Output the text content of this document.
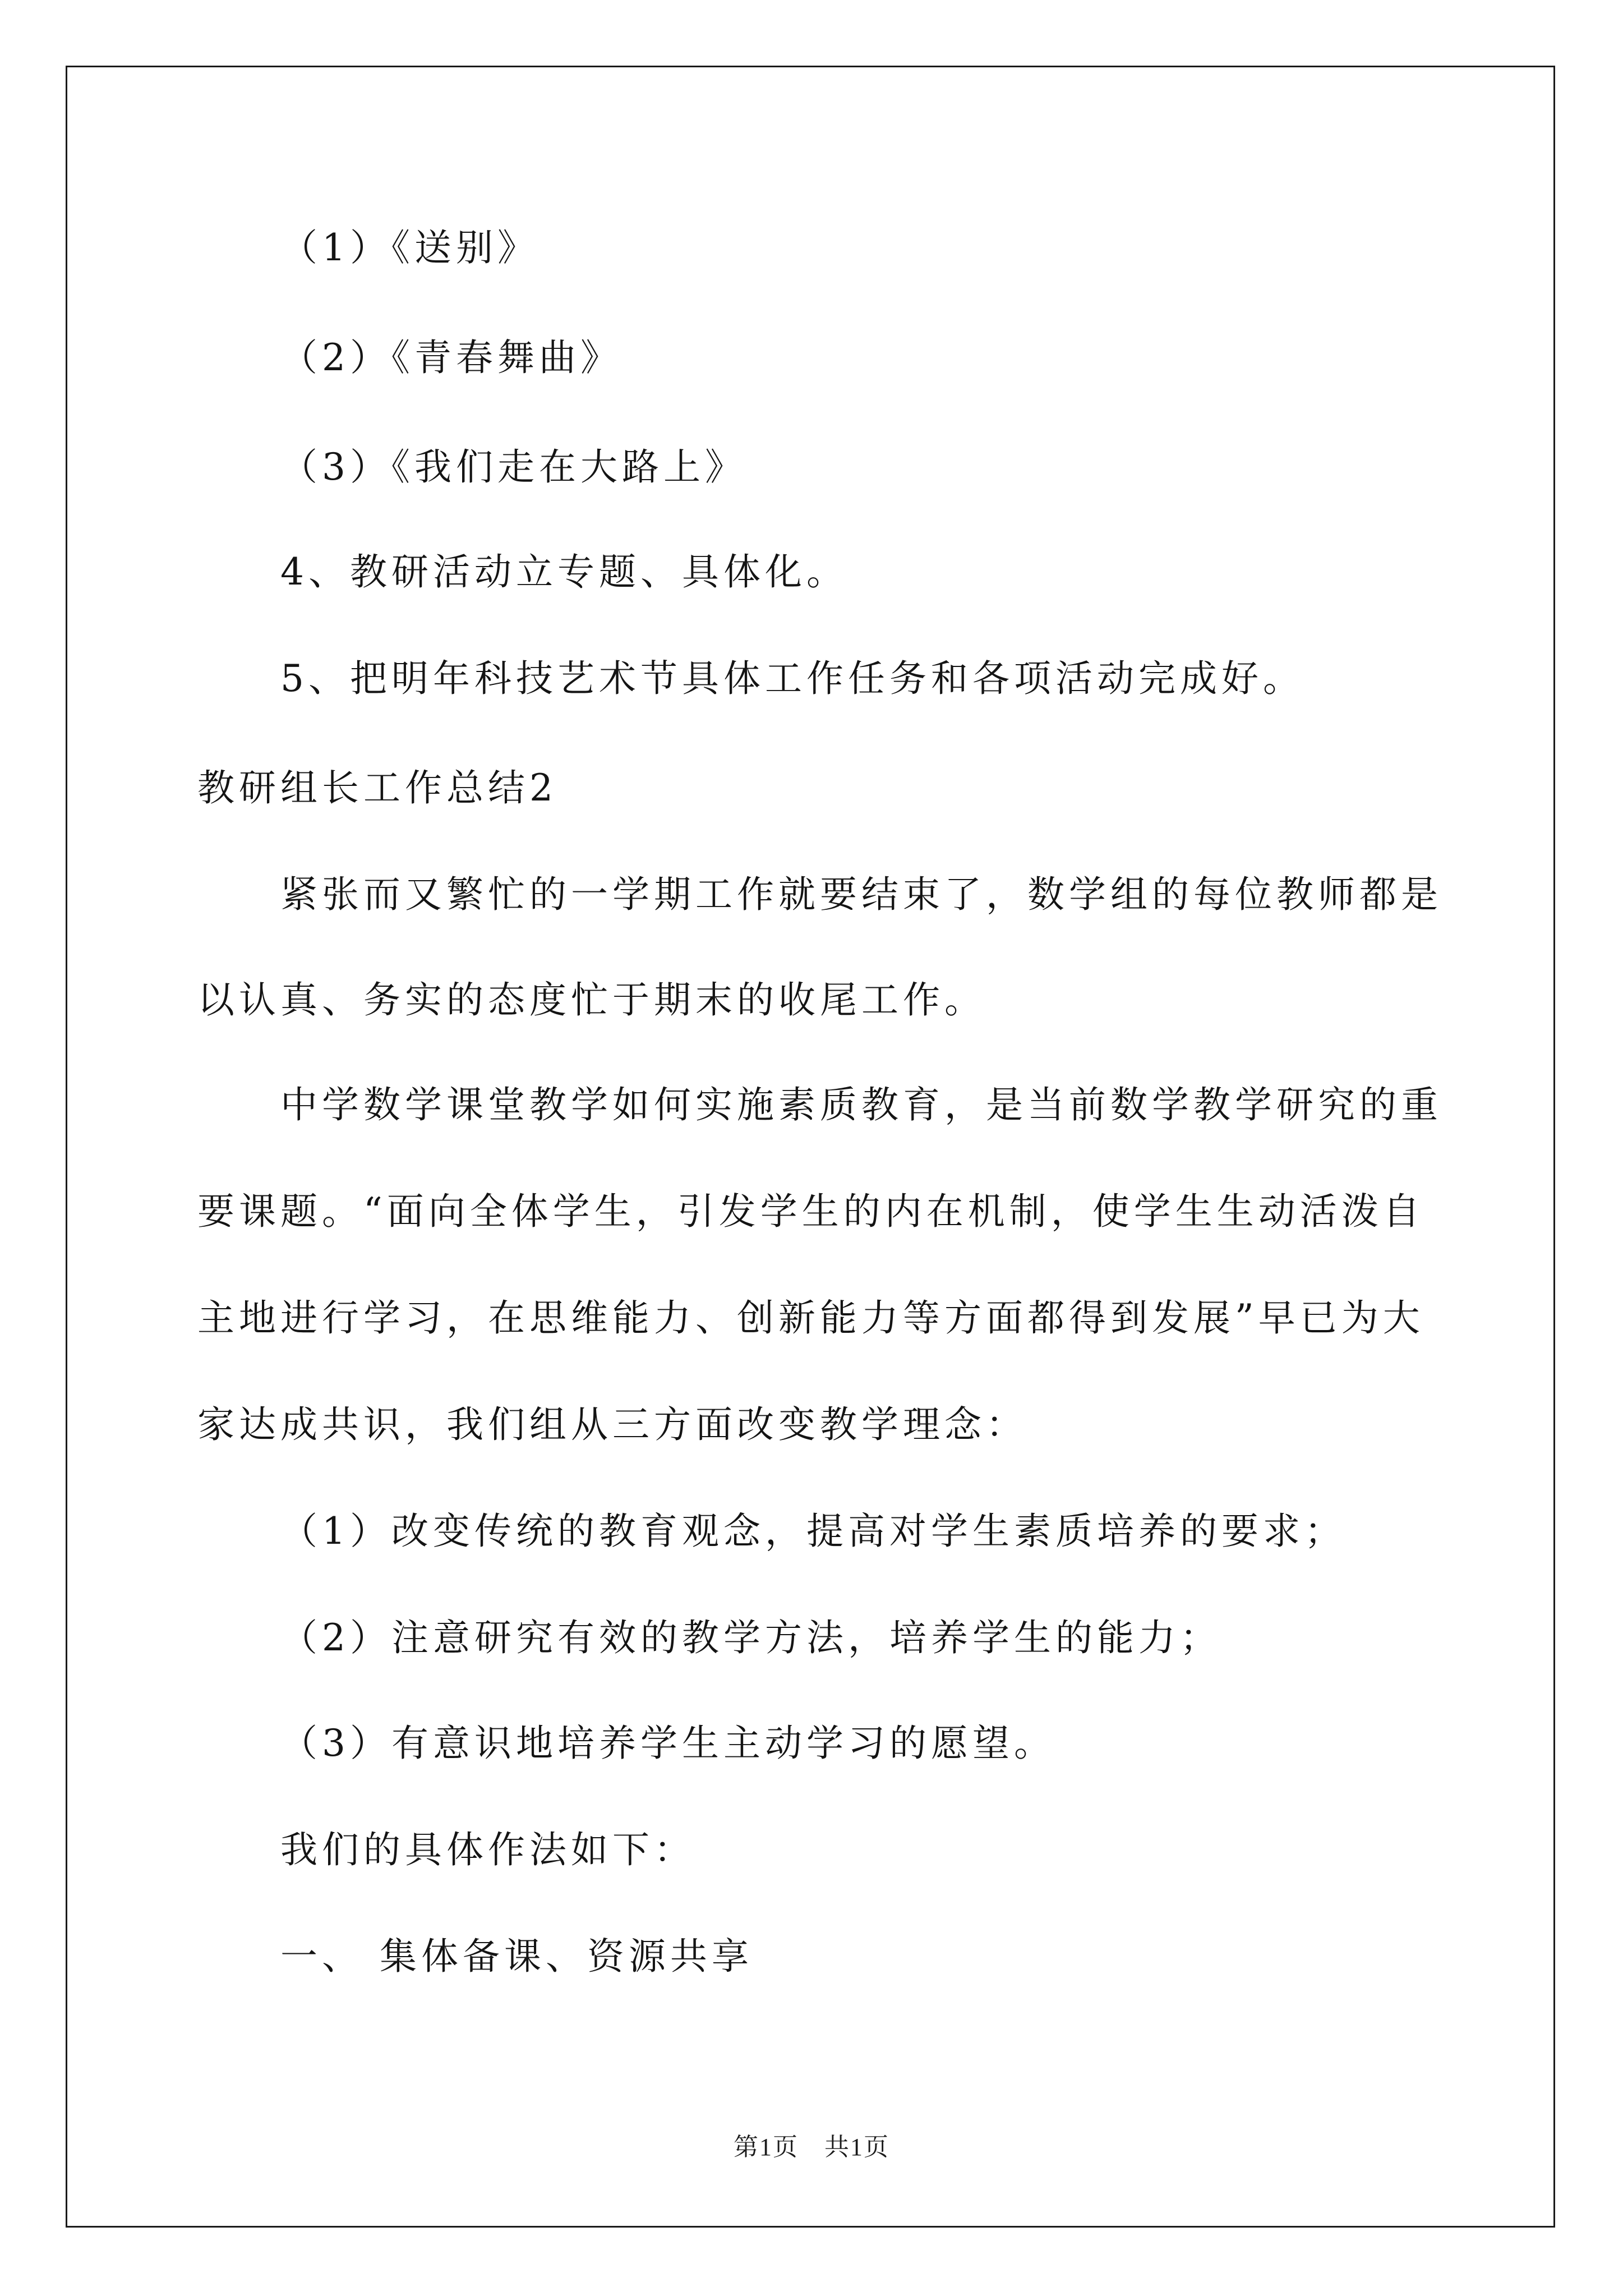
（1）《送别》
（2）《青春舞曲》
（3）《我们走在大路上》
4、教研活动立专题、具体化。
5、把明年科技艺术节具体工作任务和各项活动完成好。
教研组长工作总结2
紧张而又繁忙的一学期工作就要结束了，数学组的每位教师都是
以认真、务实的态度忙于期末的收尾工作。
中学数学课堂教学如何实施素质教育，是当前数学教学研究的重
要课题。“面向全体学生，引发学生的内在机制，使学生生动活泼自
主地进行学习，在思维能力、创新能力等方面都得到发展”早已为大
家达成共识，我们组从三方面改变教学理念：
（1）改变传统的教育观念，提高对学生素质培养的要求；
（2）注意研究有效的教学方法，培养学生的能力；
（3）有意识地培养学生主动学习的愿望。
我们的具体作法如下：
一、 集体备课、资源共享
第1页　共1页
